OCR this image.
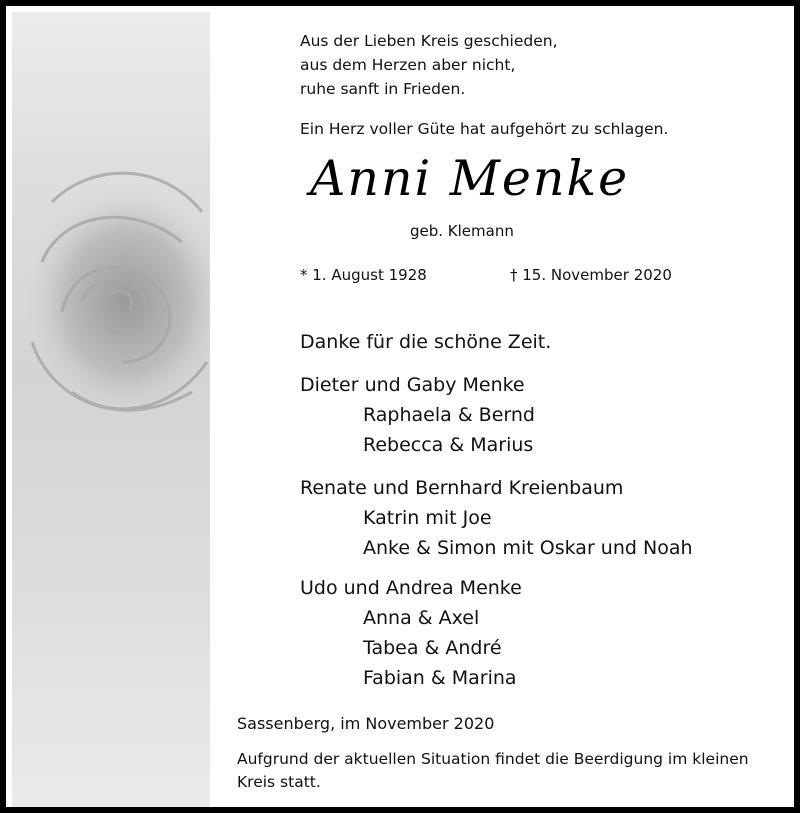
Aus der Lieben Kreis geschieden,

aus dem Herzen aber nicht,

ruhe sanft in Frieden.

Ein Herz voller Güte hat aufgehört zu schlagen.

Anni Menke

geb. Klemann

* 1. August 1928	† 15. November 2020

Danke für die schöne Zeit.

Dieter und Gaby Menke

Raphaela & Bernd

Rebecca & Marius

Renate und Bernhard Kreienbaum

Katrin mit Joe

Anke & Simon mit Oskar und Noah

Udo und Andrea Menke

Anna & Axel

Tabea & André

Fabian & Marina

Sassenberg, im November 2020

Aufgrund der aktuellen Situation findet die Beerdigung im kleinen Kreis statt.
